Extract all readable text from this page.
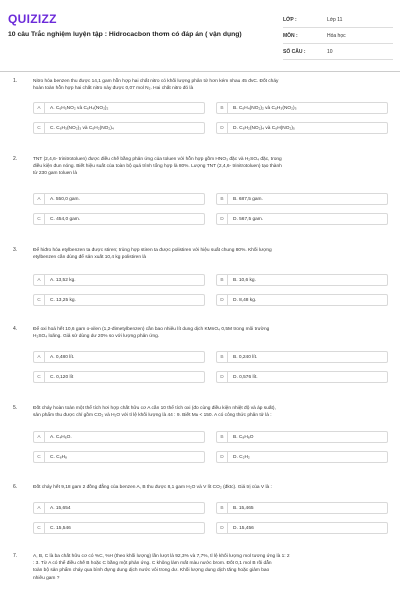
QUIZIZZ
10 câu Trắc nghiệm luyện tập : Hidrocacbon thơm có đáp án ( vận dụng)
LỚP :	Lớp 11
MÔN :	Hóa học
SỐ CÂU :	10
1.	Nitro hóa benzen thu được 14,1 gam hỗn hợp hai chất nitro có khối lượng phân tử hơn kém nhau 45 đvC. Đốt cháy
hoàn toàn hỗn hợp hai chất nitro này được 0,07 mol N₂. Hai chất nitro đó là
A	A. C₆H₅NO₂ và C₆H₄(NO₂)₂	B	B. C₆H₄(NO₂)₂ và C₆H₃(NO₂)₃
C	C. C₆H₃(NO₂)₃ và C₆H₂(NO₂)₄	D	D. C₆H₂(NO₂)₄ và C₆H(NO₂)₅
2.	TNT (2,4,6- trinitrotoluen) được điều chế bằng phản ứng của toluen với hỗn hợp gồm HNO₃ đặc và H₂SO₄ đặc, trong
điều kiện đun nóng. Biết hiệu suất của toàn bộ quá trình tổng hợp là 80%. Lượng TNT (2,4,6- trinitrotoluen) tạo thành
từ 230 gam toluen là
A	A. 550,0 gam.	B	B. 687,5 gam.
C	C. 454,0 gam.	D	D. 567,5 gam.
3.	Để hiđro hóa etylbenzen ta được stiren; trùng hợp stiren ta được polistiren với hiệu suất chung 80%. Khối lượng
etylbenzen cần dùng để sản xuất 10,4 kg polistiren là
A	A. 13,52 kg.	B	B. 10,6 kg.
C	C. 13,25 kg.	D	D. 8,48 kg.
4.	Để oxi hoá hết 10,6 gam o-xilen (1,2-đimetylbenzen) cần bao nhiêu lít dung dịch KMnO₄ 0,5M trong môi trường
H₂SO₄ loãng. Giả sử dùng dư 20% so với lượng phản ứng.
A	A. 0,480 lít.	B	B. 0,240 lít.
C	C. 0,120 lít	D	D. 0,576 lít.
5.	Đốt cháy hoàn toàn một thể tích hơi hợp chất hữu cơ A cần 10 thể tích oxi (đo cùng điều kiện nhiệt độ và áp suất),
sản phẩm thu được chỉ gồm CO₂ và H₂O với tỉ lệ khối lượng là 44 : 9. Biết Mᴀ < 150. A có công thức phân tử là :
A	A. C₄H₆O.	B	B. C₈H₈O
C	C. C₈H₈	D	D. C₂H₂
6.	Đốt cháy hết 9,18 gam 2 đồng đẳng của benzen A, B thu được 8,1 gam H₂O và V lít CO₂ (đktc). Giá trị của V là :
A	A. 15,654	B	B. 15,465
C	C. 15,546	D	D. 15,456
7.	A, B, C là ba chất hữu cơ có %C, %H (theo khối lượng) lần lượt là 92,3% và 7,7%, tỉ lệ khối lượng mol tương ứng là 1: 2
: 3. Từ A có thể điều chế B hoặc C bằng một phản ứng. C không làm mất màu nước brom. Đốt 0,1 mol B rồi dẫn
toàn bộ sản phẩm cháy qua bình đựng dung dịch nước vôi trong dư. Khối lượng dung dịch tăng hoặc giảm bao
nhiêu gam ?
